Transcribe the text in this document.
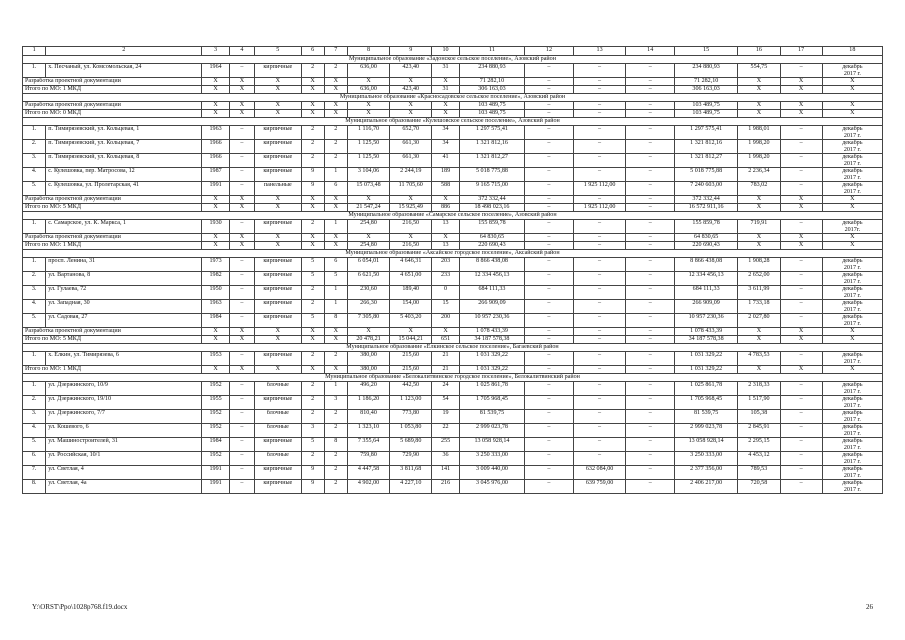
1	2	3	4	5	6	7	8	9	10	11	12	13	14	15	16	17	18
Муниципальное образование «Задонское сельское поселение», Азовский район																	
1.	х. Песчаный, ул. Комсомольская, 24	1964	–	кирпичные	2	2	636,00	423,40	31	234 880,93	–	–	–	234 880,93	554,75	–	декабрь
2017 г.

Разработка проектной документации		X	X	X	X	X	X	X	X	71 282,10	–	–	–	71 282,10	X	X	X
Итого по МО: 1 МКД		X	X	X	X	X	636,00	423,40	31	306 163,03	–	–	–	306 163,03	X	X	X
Муниципальное образование «Красносадовское сельское поселение», Азовский район																	
Разработка проектной документации		X	X	X	X	X	X	X	X	103 489,75	–	–	–	103 489,75	X	X	X
Итого по МО: 0 МКД		X	X	X	X	X	X	X	X	103 489,75	–	–	–	103 489,75	X	X	X
Муниципальное образование «Кулешовское сельское поселение», Азовский район																	
1.	п. Тимирязевский, ул. Кольцевая, 1	1963	–	кирпичные	2	2	1 116,70	652,70	34	1 297 575,41	–	–	–	1 297 575,41	1 988,01	–	декабрь
2017 г.

2.	п. Тимирязевский, ул. Кольцевая, 7	1966	–	кирпичные	2	2	1 125,50	661,30	34	1 321 812,16	–	–	–	1 321 812,16	1 998,20	–	декабрь
2017 г.

3.	п. Тимирязевский, ул. Кольцевая, 8	1966	–	кирпичные	2	2	1 125,50	661,30	41	1 321 812,27	–	–	–	1 321 812,27	1 998,20	–	декабрь
2017 г.

4.	с. Кулешовка, пер. Матросова, 12	1987	–	кирпичные	9	1	3 104,06	2 244,19	189	5 018 775,88	–	–	–	5 018 775,88	2 236,34	–	декабрь
2017 г.

5.	с. Кулешовка, ул. Пролетарская, 41	1991	–	панельные	9	6	15 073,48	11 705,60	588	9 165 715,00	–	1 925 112,00	–	7 240 603,00	783,02	–	декабрь
2017 г.

Разработка проектной документации		X	X	X	X	X	X	X	X	372 332,44	–	–	–	372 332,44	X	X	X
Итого по МО: 5 МКД		X	X	X	X	X	21 547,24	15 925,49	886	18 498 023,16	–	1 925 112,00	–	16 572 911,16	X	X	X
Муниципальное образование «Самарское сельское поселение», Азовский район																	
1.	с. Самарское, ул. К. Маркса, 1	1930	–	кирпичные	2	1	254,80	216,50	13	155 859,78	–	–	–	155 859,78	719,91	–	декабрь
2017г.

Разработка проектной документации		X	X	X	X	X	X	X	X	64 830,65	–	–	–	64 830,65	X	X	X
Итого по МО: 1 МКД		X	X	X	X	X	254,80	216,50	13	220 690,43	–	–	–	220 690,43	X	X	X
Муниципальное образование «Аксайское городское поселение», Аксайский район																	
1.	просп. Ленина, 31	1973	–	кирпичные	5	6	6 054,01	4 646,31	203	8 866 438,08	–	–	–	8 866 438,08	1 908,28	–	декабрь
2017 г.

2.	ул. Вартанова, 8	1982	–	кирпичные	5	5	6 621,50	4 651,00	233	12 334 456,13	–	–	–	12 334 456,13	2 652,00	–	декабрь
2017 г.

3.	ул. Гулаева, 72	1950	–	кирпичные	2	1	230,60	189,40	0	684 111,33	–	–	–	684 111,33	3 611,99	–	декабрь
2017 г.

4.	ул. Западная, 30	1963	–	кирпичные	2	1	266,30	154,00	15	266 909,09	–	–	–	266 909,09	1 733,18	–	декабрь
2017 г.

5.	ул. Садовая, 27	1984	–	кирпичные	5	8	7 305,80	5 403,20	200	10 957 230,36	–	–	–	10 957 230,36	2 027,80	–	декабрь
2017 г.

Разработка проектной документации		X	X	X	X	X	X	X	X	1 078 433,39	–	–	–	1 078 433,39	X	X	X
Итого по МО: 5 МКД		X	X	X	X	X	20 478,21	15 044,21	651	34 187 578,38	–	–	–	34 187 578,38	X	X	X
Муниципальное образование «Елкинское сельское поселение», Багаевский район																	
1.	х. Елкин, ул. Тимирязева, 6	1953	–	кирпичные	2	2	380,00	215,60	21	1 031 329,22	–	–	–	1 031 329,22	4 783,53	–	декабрь
2017 г.

Итого по МО: 1 МКД		X	X	X	X	X	380,00	215,60	21	1 031 329,22	–	–	–	1 031 329,22	X	X	X
Муниципальное образование «Белокалитвинское городское поселение», Белокалитвинский район																	
1.	ул. Дзержинского, 10/9	1952	–	блочные	2	1	496,20	442,50	24	1 025 861,78	–	–	–	1 025 861,78	2 318,33	–	декабрь
2017 г.

2.	ул. Дзержинского, 19/10	1955	–	кирпичные	2	3	1 186,20	1 123,00	54	1 705 968,45	–	–	–	1 705 968,45	1 517,90	–	декабрь
2017 г.

3.	ул. Дзержинского, 7/7	1952	–	блочные	2	2	810,40	773,80	19	81 539,75	–	–	–	81 539,75	105,38	–	декабрь
2017 г.

4.	ул. Кошевого, 6	1952	–	блочные	3	2	1 323,10	1 053,80	22	2 999 023,78	–	–	–	2 999 023,78	2 845,91	–	декабрь
2017 г.

5.	ул. Машиностроителей, 31	1984	–	кирпичные	5	8	7 355,64	5 689,80	255	13 058 928,14	–	–	–	13 058 928,14	2 295,15	–	декабрь
2017 г.

6.	ул. Российская, 10/1	1952	–	блочные	2	2	759,80	729,90	36	3 250 333,00	–	–	–	3 250 333,00	4 453,12	–	декабрь
2017 г.

7.	ул. Светлая, 4	1991	–	кирпичные	9	2	4 447,58	3 811,68	141	3 009 440,00	–	632 084,00	–	2 377 356,00	789,53	–	декабрь
2017 г.

8.	ул. Светлая, 4а	1991	–	кирпичные	9	2	4 902,00	4 227,10	216	3 045 976,00	–	639 759,00	–	2 406 217,00	720,58	–	декабрь
2017 г.
Y:\ORST\Ppo\1028p768.f19.docx	26
